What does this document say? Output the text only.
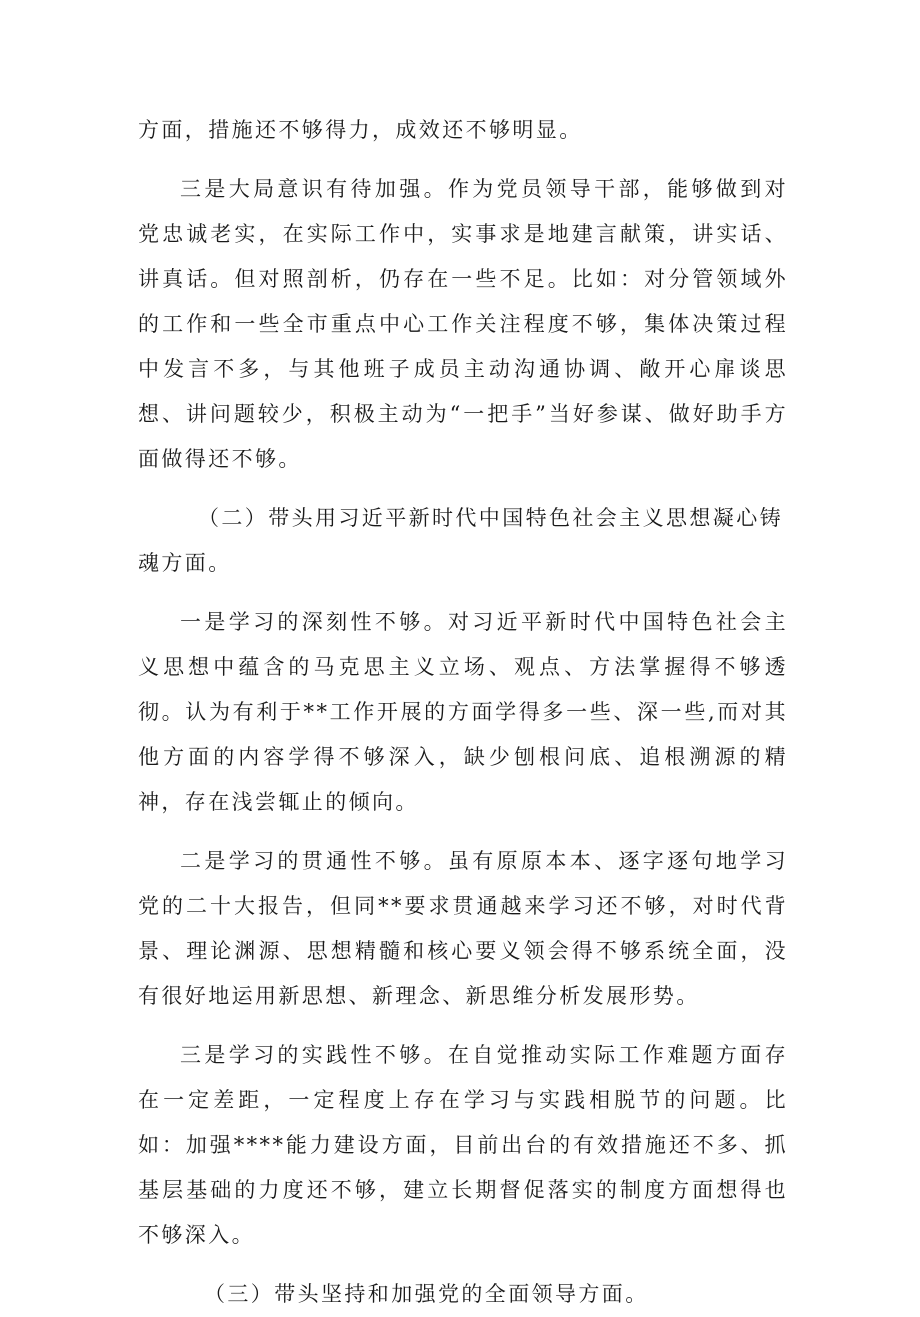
方面，措施还不够得力，成效还不够明显。

三是大局意识有待加强。作为党员领导干部，能够做到对党忠诚老实，在实际工作中，实事求是地建言献策，讲实话、讲真话。但对照剖析，仍存在一些不足。比如：对分管领域外的工作和一些全市重点中心工作关注程度不够，集体决策过程中发言不多，与其他班子成员主动沟通协调、敞开心扉谈思想、讲问题较少，积极主动为“一把手”当好参谋、做好助手方面做得还不够。

（二）带头用习近平新时代中国特色社会主义思想凝心铸
魂方面。

一是学习的深刻性不够。对习近平新时代中国特色社会主义思想中蕴含的马克思主义立场、观点、方法掌握得不够透彻。认为有利于**工作开展的方面学得多一些、深一些,而对其他方面的内容学得不够深入，缺少刨根问底、追根溯源的精神，存在浅尝辄止的倾向。

二是学习的贯通性不够。虽有原原本本、逐字逐句地学习党的二十大报告，但同**要求贯通越来学习还不够，对时代背景、理论渊源、思想精髓和核心要义领会得不够系统全面，没有很好地运用新思想、新理念、新思维分析发展形势。

三是学习的实践性不够。在自觉推动实际工作难题方面存在一定差距，一定程度上存在学习与实践相脱节的问题。比如：加强****能力建设方面，目前出台的有效措施还不多、抓基层基础的力度还不够，建立长期督促落实的制度方面想得也不够深入。

（三）带头坚持和加强党的全面领导方面。
